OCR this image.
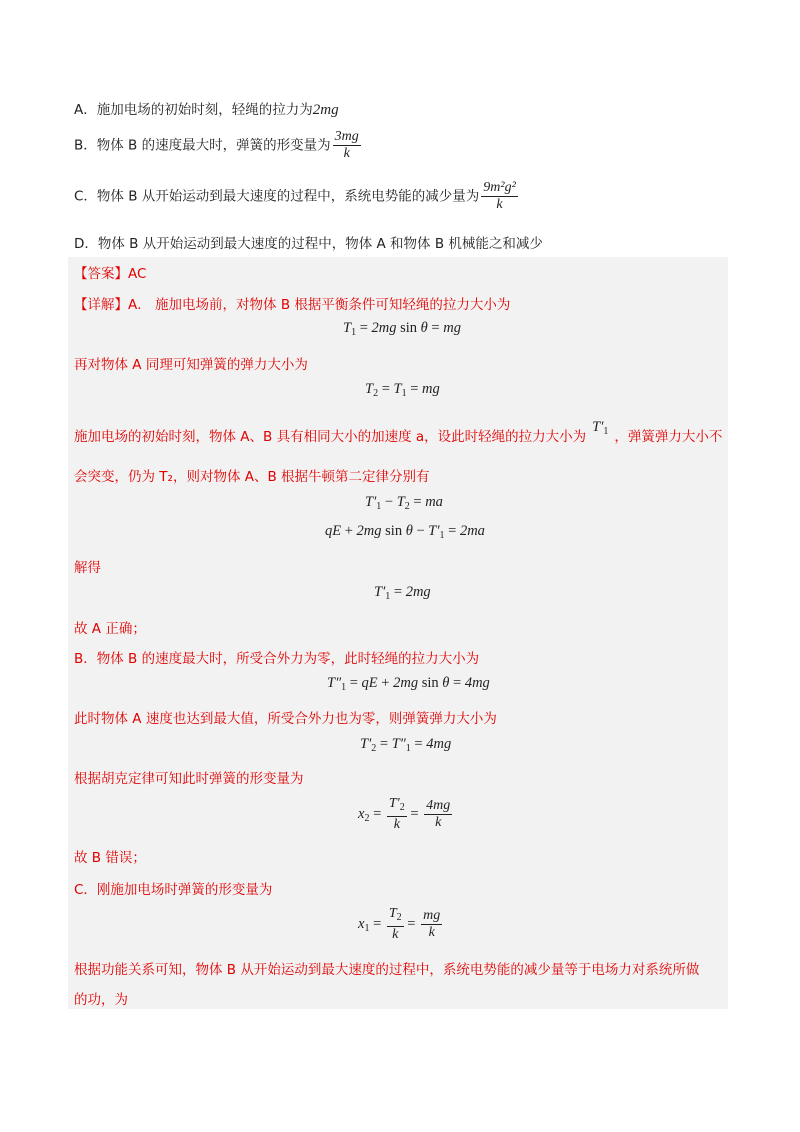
A．施加电场的初始时刻，轻绳的拉力为2mg
B．物体 B 的速度最大时，弹簧的形变量为 $\frac{3mg}{k}$
C．物体 B 从开始运动到最大速度的过程中，系统电势能的减少量为 $\frac{\text{9m²g²}}{k}$
D．物体 B 从开始运动到最大速度的过程中，物体 A 和物体 B 机械能之和减少
【答案】AC
【详解】A． 施加电场前，对物体 B 根据平衡条件可知轻绳的拉力大小为
$T_1 = 2mg$ sin θ = mg
再对物体 A 同理可知弹簧的弹力大小为
$T_2 = T_1$ = mg
施加电场的初始时刻，物体 A、B 具有相同大小的加速度 a，设此时轻绳的拉力大小为$T'_1$ ，弹簧弹力大小不
会突变，仍为 T₂，则对物体 A、B 根据牛顿第二定律分别有
$T'_1 - T_2$ = ma
qE + 2mg $\sin \theta - T'_1 = 2ma$
解得
$T'_1 = 2mg$
故 A 正确；
B．物体 B 的速度最大时，所受合外力为零，此时轻绳的拉力大小为
$T''_1$ = qE + 2mg sin θ = 4mg
此时物体 A 速度也达到最大值，所受合外力也为零，则弹簧弹力大小为
$T'_2 = T''_1 = 4mg$
根据胡克定律可知此时弹簧的形变量为
$x_2 = \frac{T'_2}{k} = \frac{4mg}{k}$
故 B 错误；
C．刚施加电场时弹簧的形变量为
$x_1 = \frac{T_2}{k} = \frac{mg}{k}$
根据功能关系可知，物体 B 从开始运动到最大速度的过程中，系统电势能的减少量等于电场力对系统所做
的功，为
